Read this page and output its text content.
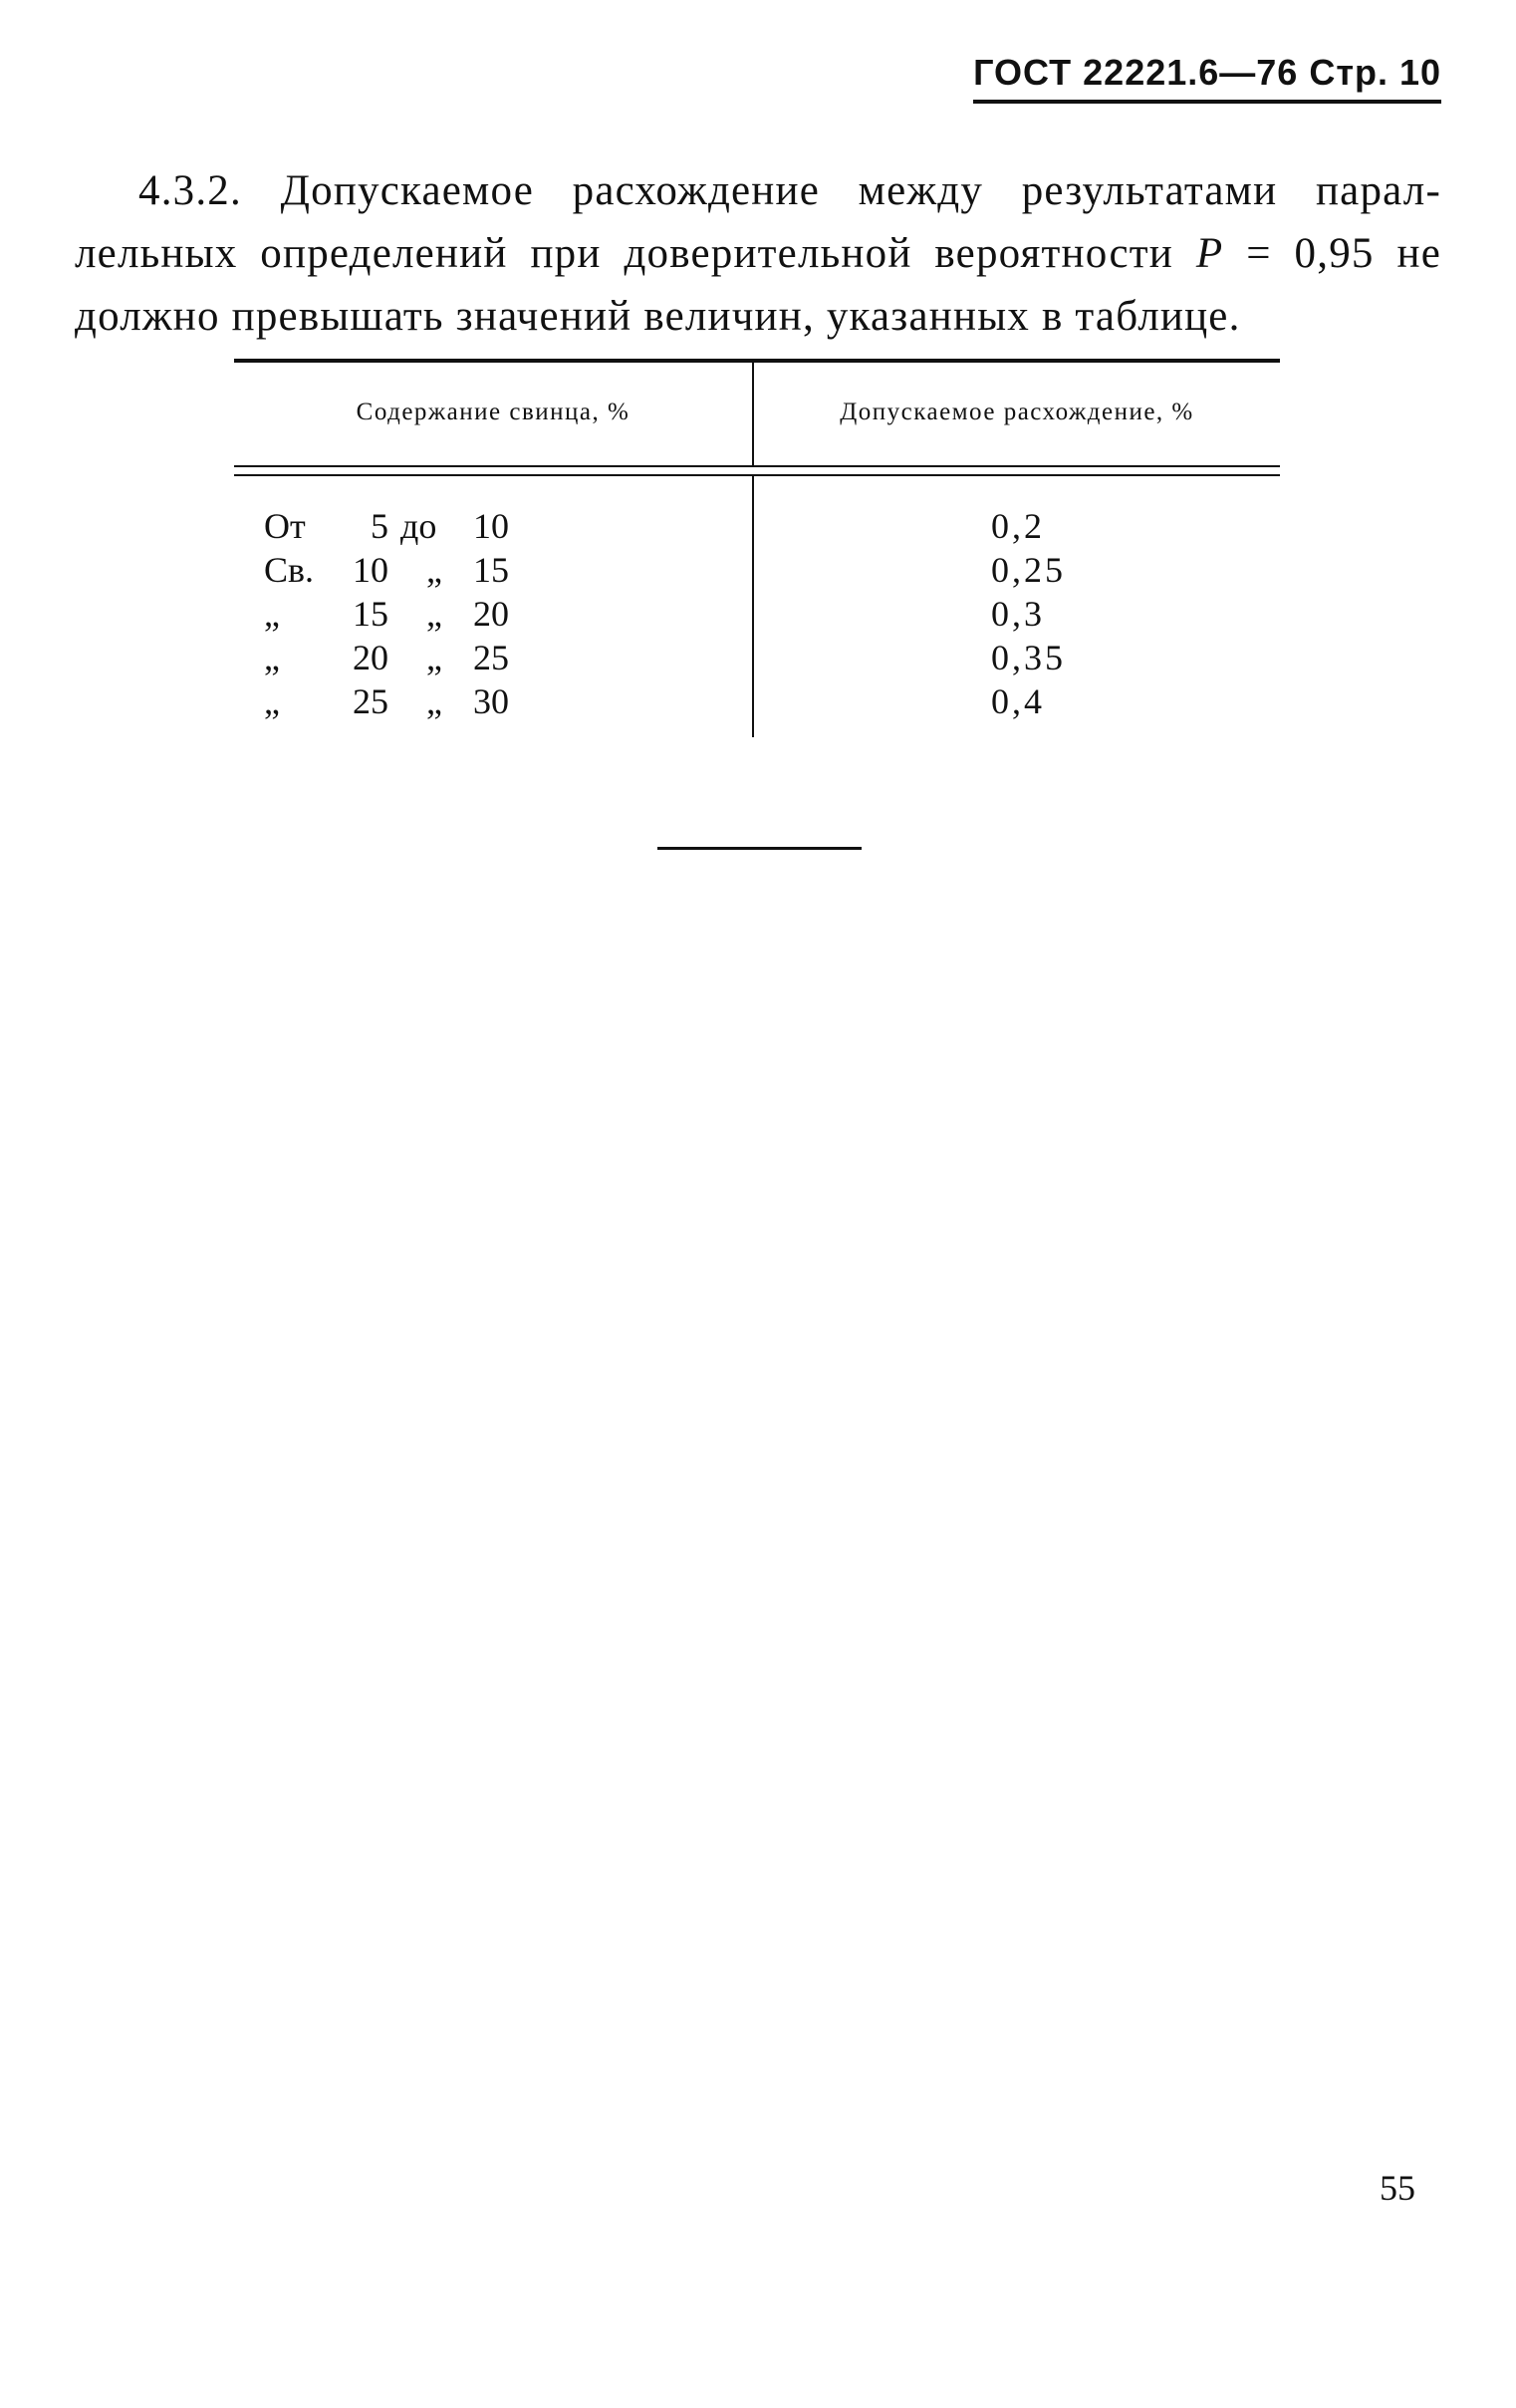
ГОСТ 22221.6—76 Стр. 10
4.3.2. Допускаемое расхождение между результатами парал-
лельных определений при доверительной вероятности P = 0,95 не
должно превышать значений величин, указанных в таблице.
Содержание свинца, %	Допускаемое расхождение, %
От	5 до	10	0,2
Св.	10	„ 15	0,25
„	15	„ 20	0,3
„	20	„ 25	0,35
„	25	„ 30	0,4
55
